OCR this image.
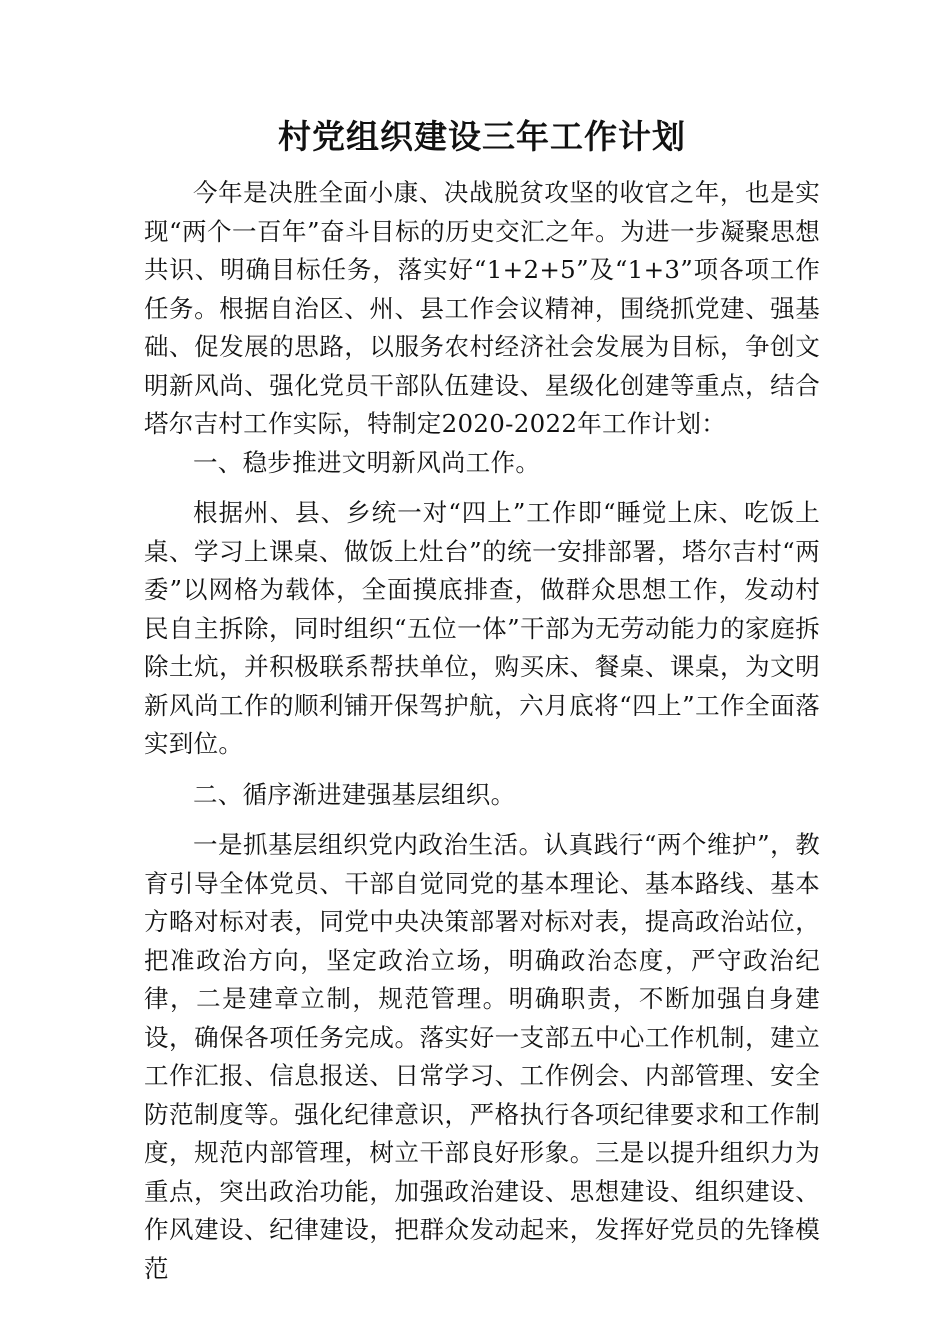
村党组织建设三年工作计划

今年是决胜全面小康、决战脱贫攻坚的收官之年，也是实现“两个一百年”奋斗目标的历史交汇之年。为进一步凝聚思想共识、明确目标任务，落实好“1+2+5”及“1+3”项各项工作任务。根据自治区、州、县工作会议精神，围绕抓党建、强基础、促发展的思路，以服务农村经济社会发展为目标，争创文明新风尚、强化党员干部队伍建设、星级化创建等重点，结合塔尔吉村工作实际，特制定2020-2022年工作计划：

一、稳步推进文明新风尚工作。

根据州、县、乡统一对“四上”工作即“睡觉上床、吃饭上桌、学习上课桌、做饭上灶台”的统一安排部署，塔尔吉村“两委”以网格为载体，全面摸底排查，做群众思想工作，发动村民自主拆除，同时组织“五位一体”干部为无劳动能力的家庭拆除土炕，并积极联系帮扶单位，购买床、餐桌、课桌，为文明新风尚工作的顺利铺开保驾护航，六月底将“四上”工作全面落实到位。

二、循序渐进建强基层组织。

一是抓基层组织党内政治生活。认真践行“两个维护”，教育引导全体党员、干部自觉同党的基本理论、基本路线、基本方略对标对表，同党中央决策部署对标对表，提高政治站位，把准政治方向，坚定政治立场，明确政治态度，严守政治纪律，二是建章立制，规范管理。明确职责，不断加强自身建设，确保各项任务完成。落实好一支部五中心工作机制，建立工作汇报、信息报送、日常学习、工作例会、内部管理、安全防范制度等。强化纪律意识，严格执行各项纪律要求和工作制度，规范内部管理，树立干部良好形象。三是以提升组织力为重点，突出政治功能，加强政治建设、思想建设、组织建设、作风建设、纪律建设，把群众发动起来，发挥好党员的先锋模范
